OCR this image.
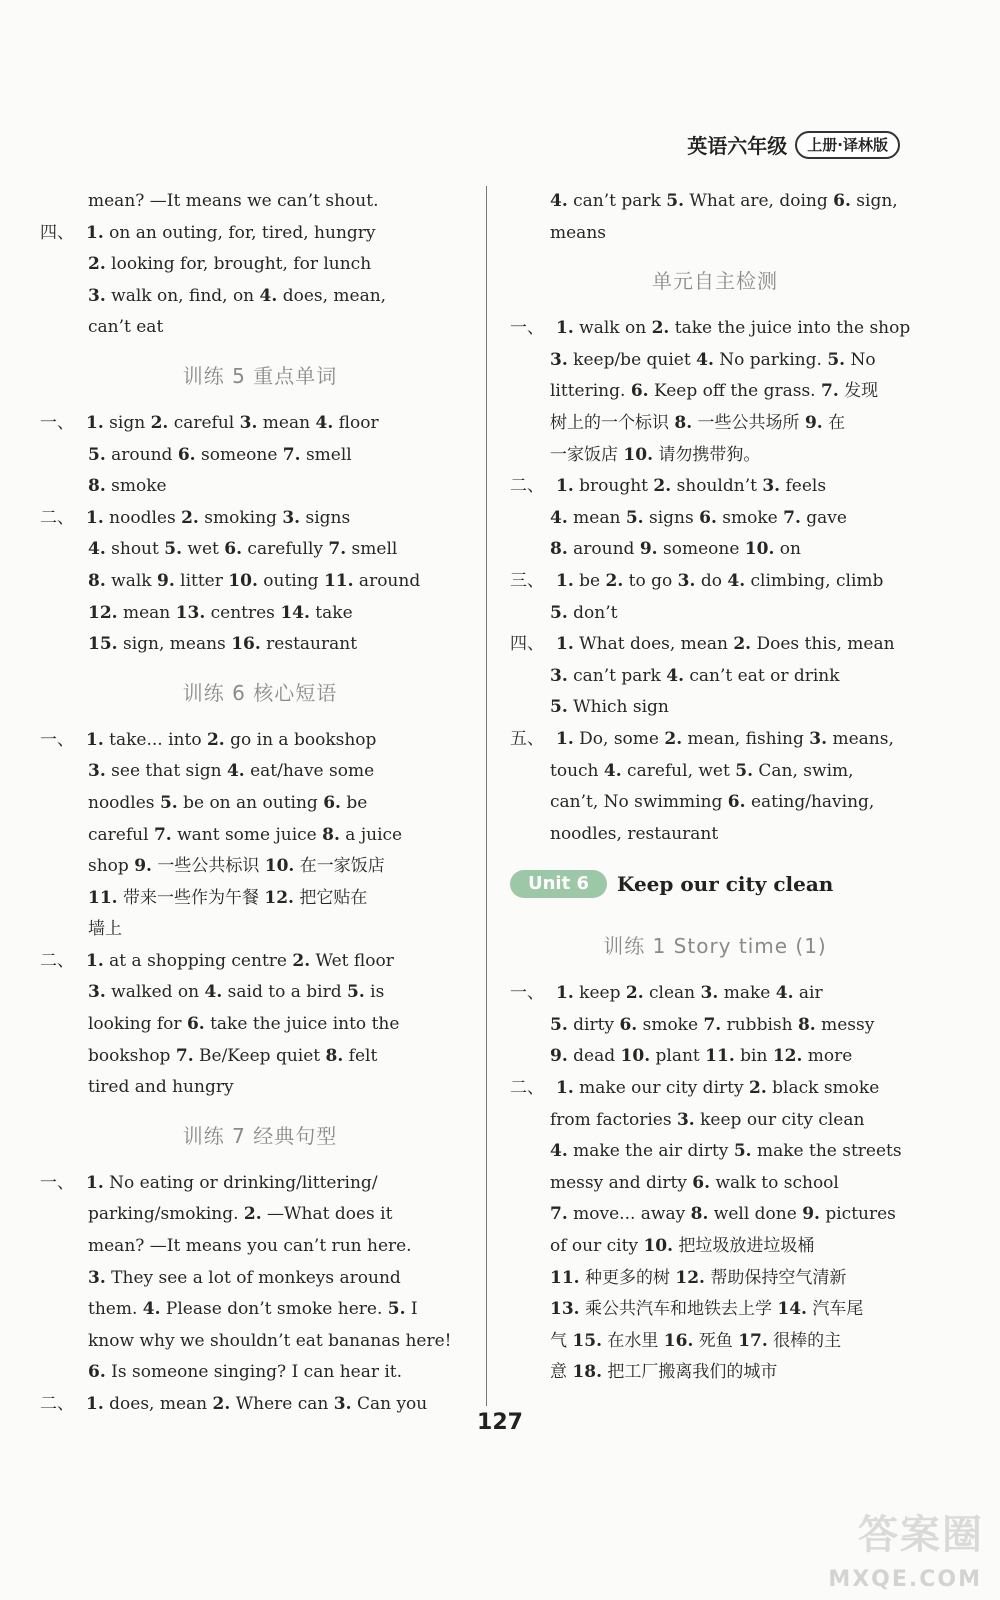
英语六年级	上册·译林版
mean? —It means we can’t shout.
四、 1. on an outing, for, tired, hungry
2. looking for, brought, for lunch
3. walk on, find, on 4. does, mean,
can’t eat
训练 5 重点单词
一、 1. sign 2. careful 3. mean 4. floor
5. around 6. someone 7. smell
8. smoke
二、 1. noodles 2. smoking 3. signs
4. shout 5. wet 6. carefully 7. smell
8. walk 9. litter 10. outing 11. around
12. mean 13. centres 14. take
15. sign, means 16. restaurant
训练 6 核心短语
一、 1. take... into 2. go in a bookshop
3. see that sign 4. eat/have some
noodles 5. be on an outing 6. be
careful 7. want some juice 8. a juice
shop 9. 一些公共标识 10. 在一家饭店
11. 带来一些作为午餐 12. 把它贴在
墙上
二、 1. at a shopping centre 2. Wet floor
3. walked on 4. said to a bird 5. is
looking for 6. take the juice into the
bookshop 7. Be/Keep quiet 8. felt
tired and hungry
训练 7 经典句型
一、 1. No eating or drinking/littering/
parking/smoking. 2. —What does it
mean? —It means you can’t run here.
3. They see a lot of monkeys around
them. 4. Please don’t smoke here. 5. I
know why we shouldn’t eat bananas here!
6. Is someone singing? I can hear it.
二、 1. does, mean 2. Where can 3. Can you
4. can’t park 5. What are, doing 6. sign,
means
单元自主检测
一、 1. walk on 2. take the juice into the shop
3. keep/be quiet 4. No parking. 5. No
littering. 6. Keep off the grass. 7. 发现
树上的一个标识 8. 一些公共场所 9. 在
一家饭店 10. 请勿携带狗。
二、 1. brought 2. shouldn’t 3. feels
4. mean 5. signs 6. smoke 7. gave
8. around 9. someone 10. on
三、 1. be 2. to go 3. do 4. climbing, climb
5. don’t
四、 1. What does, mean 2. Does this, mean
3. can’t park 4. can’t eat or drink
5. Which sign
五、 1. Do, some 2. mean, fishing 3. means,
touch 4. careful, wet 5. Can, swim,
can’t, No swimming 6. eating/having,
noodles, restaurant
Unit 6	Keep our city clean
训练 1 Story time (1)
一、 1. keep 2. clean 3. make 4. air
5. dirty 6. smoke 7. rubbish 8. messy
9. dead 10. plant 11. bin 12. more
二、 1. make our city dirty 2. black smoke
from factories 3. keep our city clean
4. make the air dirty 5. make the streets
messy and dirty 6. walk to school
7. move... away 8. well done 9. pictures
of our city 10. 把垃圾放进垃圾桶
11. 种更多的树 12. 帮助保持空气清新
13. 乘公共汽车和地铁去上学 14. 汽车尾
气 15. 在水里 16. 死鱼 17. 很棒的主
意 18. 把工厂搬离我们的城市
127
答案圈
MXQE.COM
